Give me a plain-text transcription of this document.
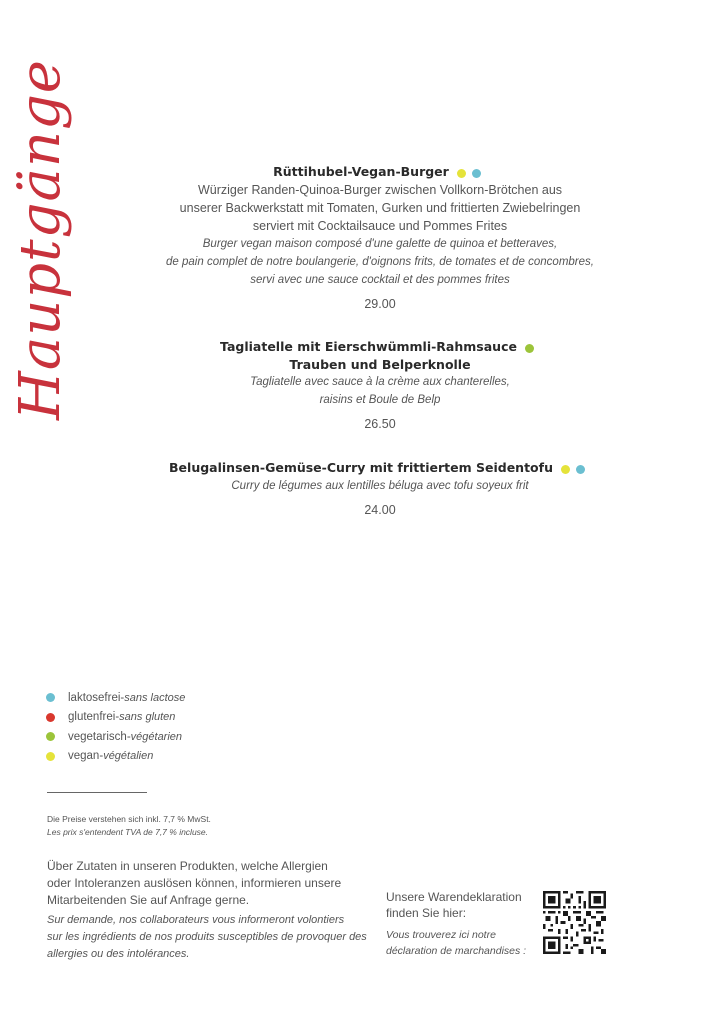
Hauptgänge	Rüttihubel-Vegan-Burger
Würziger Randen-Quinoa-Burger zwischen Vollkorn-Brötchen aus
unserer Backwerkstatt mit Tomaten, Gurken und frittierten Zwiebelringen
serviert mit Cocktailsauce und Pommes Frites
Burger vegan maison composé d'une galette de quinoa et betteraves,
de pain complet de notre boulangerie, d'oignons frits, de tomates et de concombres,
servi avec une sauce cocktail et des pommes frites
29.00
Tagliatelle mit Eierschwümmli-Rahmsauce
Trauben und Belperknolle
Tagliatelle avec sauce à la crème aux chanterelles,
raisins et Boule de Belp
26.50
Belugalinsen-Gemüse-Curry mit frittiertem Seidentofu
Curry de légumes aux lentilles béluga avec tofu soyeux frit
24.00
laktosefrei - sans lactose
glutenfrei - sans gluten
vegetarisch - végétarien
vegan - végétalien
Die Preise verstehen sich inkl. 7,7 % MwSt.
Les prix s'entendent TVA de 7,7 % incluse.
Über Zutaten in unseren Produkten, welche Allergien
oder Intoleranzen auslösen können, informieren unsere
Mitarbeitenden Sie auf Anfrage gerne.
Sur demande, nos collaborateurs vous informeront volontiers
sur les ingrédients de nos produits susceptibles de provoquer des
allergies ou des intolérances.
Unsere Warendeklaration
finden Sie hier:
Vous trouverez ici notre
déclaration de marchandises :
